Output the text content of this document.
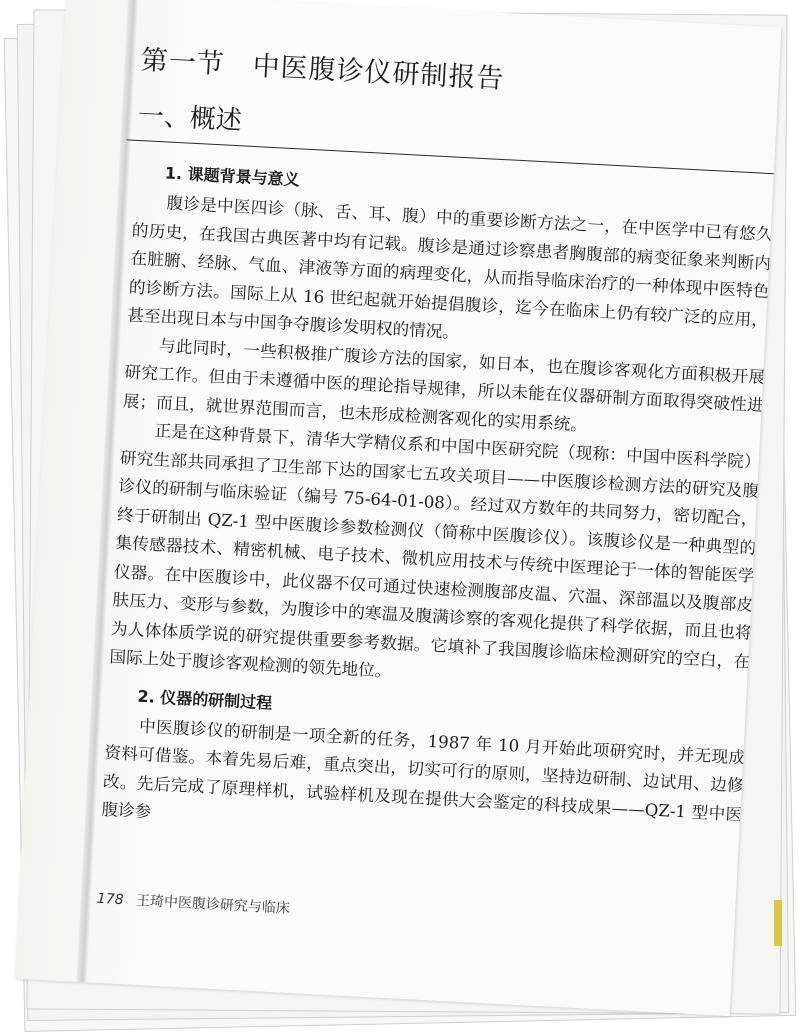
第一节　中医腹诊仪研制报告
一、概述
1. 课题背景与意义

腹诊是中医四诊（脉、舌、耳、腹）中的重要诊断方法之一，在中医学中已有悠久的历史，在我国古典医著中均有记载。腹诊是通过诊察患者胸腹部的病变征象来判断内在脏腑、经脉、气血、津液等方面的病理变化，从而指导临床治疗的一种体现中医特色的诊断方法。国际上从 16 世纪起就开始提倡腹诊，迄今在临床上仍有较广泛的应用，甚至出现日本与中国争夺腹诊发明权的情况。

与此同时，一些积极推广腹诊方法的国家，如日本，也在腹诊客观化方面积极开展研究工作。但由于未遵循中医的理论指导规律，所以未能在仪器研制方面取得突破性进展；而且，就世界范围而言，也未形成检测客观化的实用系统。

正是在这种背景下，清华大学精仪系和中国中医研究院（现称：中国中医科学院）研究生部共同承担了卫生部下达的国家七五攻关项目——中医腹诊检测方法的研究及腹诊仪的研制与临床验证（编号 75-64-01-08）。经过双方数年的共同努力，密切配合，终于研制出 QZ-1 型中医腹诊参数检测仪（简称中医腹诊仪）。该腹诊仪是一种典型的集传感器技术、精密机械、电子技术、微机应用技术与传统中医理论于一体的智能医学仪器。在中医腹诊中，此仪器不仅可通过快速检测腹部皮温、穴温、深部温以及腹部皮肤压力、变形与参数，为腹诊中的寒温及腹满诊察的客观化提供了科学依据，而且也将为人体体质学说的研究提供重要参考数据。它填补了我国腹诊临床检测研究的空白，在国际上处于腹诊客观检测的领先地位。

2. 仪器的研制过程

中医腹诊仪的研制是一项全新的任务，1987 年 10 月开始此项研究时，并无现成资料可借鉴。本着先易后难，重点突出，切实可行的原则，坚持边研制、边试用、边修改。先后完成了原理样机，试验样机及现在提供大会鉴定的科技成果——QZ-1 型中医腹诊参

178 王琦中医腹诊研究与临床
